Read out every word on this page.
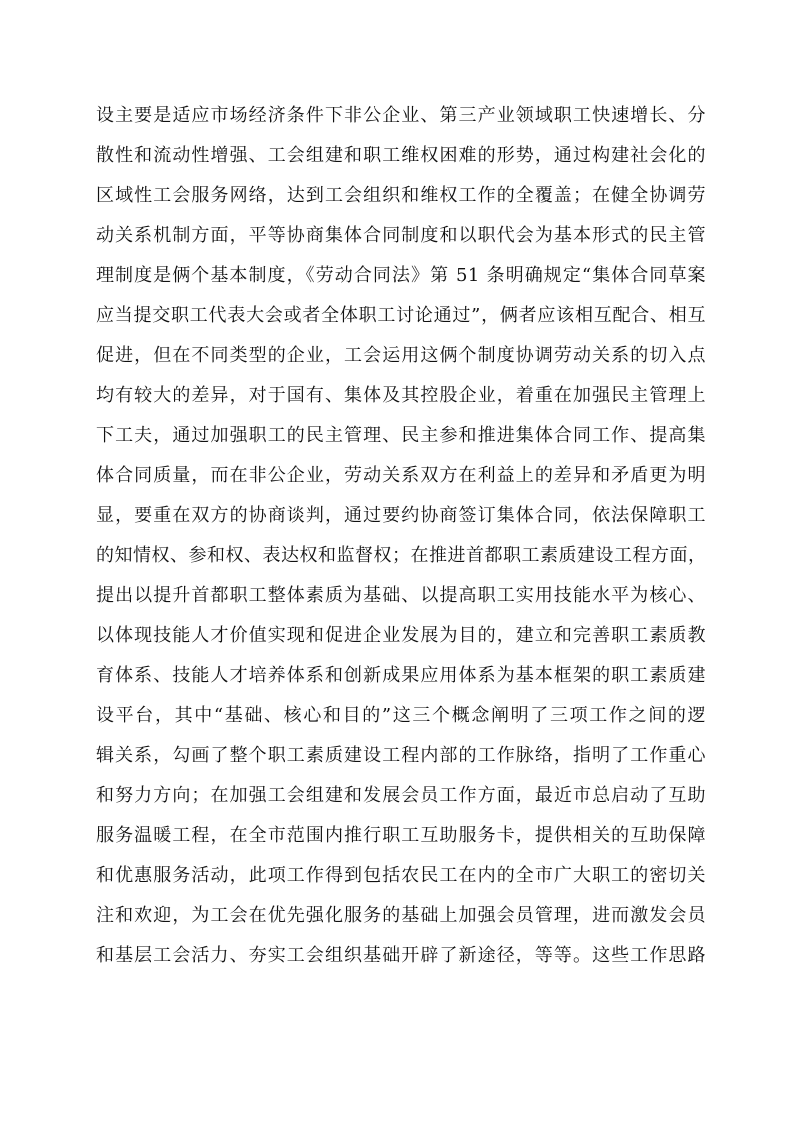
设主要是适应市场经济条件下非公企业、第三产业领域职工快速增长、分
散性和流动性增强、工会组建和职工维权困难的形势，通过构建社会化的
区域性工会服务网络，达到工会组织和维权工作的全覆盖；在健全协调劳
动关系机制方面，平等协商集体合同制度和以职代会为基本形式的民主管
理制度是俩个基本制度，《劳动合同法》第 51 条明确规定“集体合同草案
应当提交职工代表大会或者全体职工讨论通过”，俩者应该相互配合、相互
促进，但在不同类型的企业，工会运用这俩个制度协调劳动关系的切入点
均有较大的差异，对于国有、集体及其控股企业，着重在加强民主管理上
下工夫，通过加强职工的民主管理、民主参和推进集体合同工作、提高集
体合同质量，而在非公企业，劳动关系双方在利益上的差异和矛盾更为明
显，要重在双方的协商谈判，通过要约协商签订集体合同，依法保障职工
的知情权、参和权、表达权和监督权；在推进首都职工素质建设工程方面，
提出以提升首都职工整体素质为基础、以提高职工实用技能水平为核心、
以体现技能人才价值实现和促进企业发展为目的，建立和完善职工素质教
育体系、技能人才培养体系和创新成果应用体系为基本框架的职工素质建
设平台，其中“基础、核心和目的”这三个概念阐明了三项工作之间的逻
辑关系，勾画了整个职工素质建设工程内部的工作脉络，指明了工作重心
和努力方向；在加强工会组建和发展会员工作方面，最近市总启动了互助
服务温暖工程，在全市范围内推行职工互助服务卡，提供相关的互助保障
和优惠服务活动，此项工作得到包括农民工在内的全市广大职工的密切关
注和欢迎，为工会在优先强化服务的基础上加强会员管理，进而激发会员
和基层工会活力、夯实工会组织基础开辟了新途径，等等。这些工作思路
